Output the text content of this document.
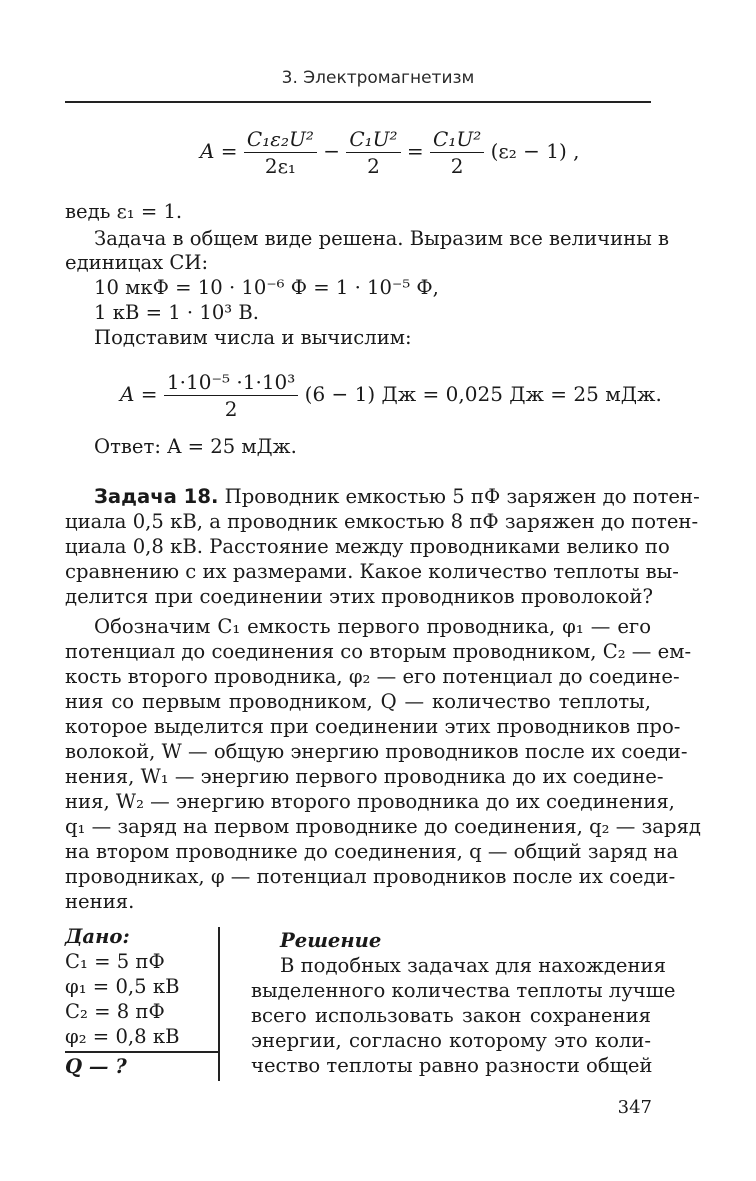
3. Электромагнетизм
$A = \frac{\text{C₁ε₂U²}}{\text{2ε₁}} - \frac{\text{C₁U²}}{2} = \frac{\text{C₁U²}}{2} (\varepsilon_2 - 1)$ ,
ведь ε₁ = 1.
Задача в общем виде решена. Выразим все величины в
единицах СИ:
10 мкФ = 10 · 10⁻⁶ Ф = 1 · 10⁻⁵ Ф,
1 кВ = 1 · 10³ В.
Подставим числа и вычислим:
$A = \frac{\text{1·10⁻⁵ ·1·10³}}{2} (6 - 1)$ Дж = 0,025 Дж = 25 мДж.
Ответ: A = 25 мДж.
Задача 18. Проводник емкостью 5 пФ заряжен до потен-
циала 0,5 кВ, а проводник емкостью 8 пФ заряжен до потен-
циала 0,8 кВ. Расстояние между проводниками велико по
сравнению с их размерами. Какое количество теплоты вы-
делится при соединении этих проводников проволокой?
Обозначим C₁ емкость первого проводника, φ₁ — его
потенциал до соединения со вторым проводником, C₂ — ем-
кость второго проводника, φ₂ — его потенциал до соедине-
ния со первым проводником, Q — количество теплоты,
которое выделится при соединении этих проводников про-
волокой, W — общую энергию проводников после их соеди-
нения, W₁ — энергию первого проводника до их соедине-
ния, W₂ — энергию второго проводника до их соединения,
q₁ — заряд на первом проводнике до соединения, q₂ — заряд
на втором проводнике до соединения, q — общий заряд на
проводниках, φ — потенциал проводников после их соеди-
нения.
Дано:
C₁ = 5 пФ
φ₁ = 0,5 кВ
C₂ = 8 пФ
φ₂ = 0,8 кВ
Q — ?
Решение
В подобных задачах для нахождения
выделенного количества теплоты лучше
всего использовать закон сохранения
энергии, согласно которому это коли-
чество теплоты равно разности общей
347
